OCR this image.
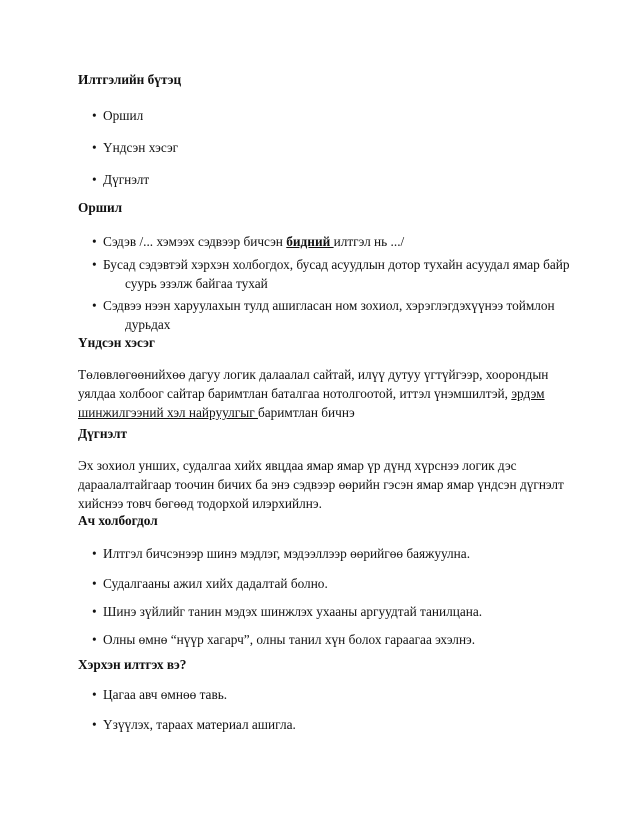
Илтгэлийн бүтэц

• Оршил
• Үндсэн хэсэг
• Дүгнэлт

Оршил

• Сэдэв /... хэмээх сэдвээр бичсэн бидний илтгэл нь .../
• Бусад сэдэвтэй хэрхэн холбогдох, бусад асуудлын дотор тухайн асуудал ямар байр суурь эзэлж байгаа тухай
• Сэдвээ нээн харуулахын тулд ашигласан ном зохиол, хэрэглэгдэхүүнээ тоймлон дурьдах

Үндсэн хэсэг

Төлөвлөгөөнийхөө дагуу логик далаалал сайтай, илүү дутуу үгтүйгээр, хоорондын уялдаа холбоог сайтар баримтлан баталгаа нотолгоотой, иттэл үнэмшилтэй, эрдэм шинжилгээний хэл найруулгыг баримтлан бичнэ

Дүгнэлт

Эх зохиол унших, судалгаа хийх явцдаа ямар ямар үр дүнд хүрснээ логик дэс дараалалтайгаар тоочин бичих ба энэ сэдвээр өөрийн гэсэн ямар ямар үндсэн дүгнэлт хийснээ товч бөгөөд тодорхой илэрхийлнэ.

Ач холбогдол

• Илтгэл бичсэнээр шинэ мэдлэг, мэдээллээр өөрийгөө баяжуулна.
• Судалгааны ажил хийх дадалтай болно.
• Шинэ зүйлийг танин мэдэх шинжлэх ухааны аргуудтай танилцана.
• Олны өмнө “нүүр хагарч”, олны танил хүн болох гараагаа эхэлнэ.

Хэрхэн илтгэх вэ?

• Цагаа авч өмнөө тавь.
• Үзүүлэх, тараах материал ашигла.
